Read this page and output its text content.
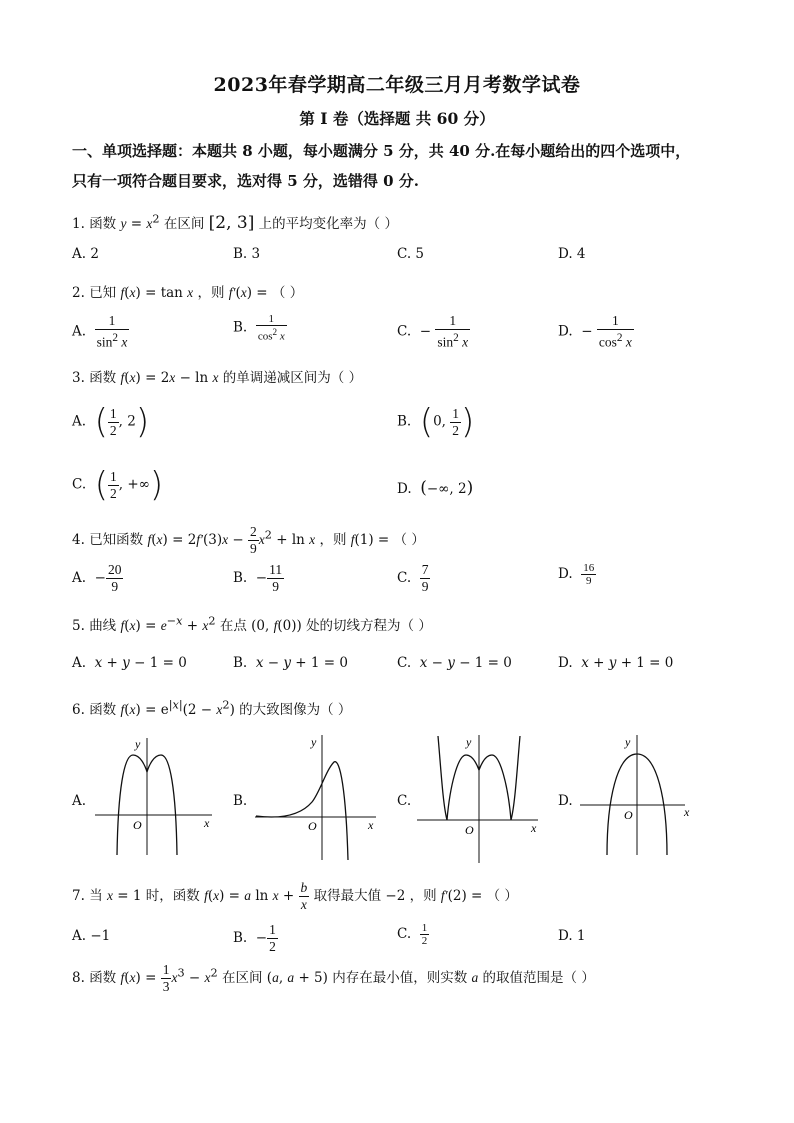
2023年春学期高二年级三月月考数学试卷
第 I 卷（选择题 共 60 分）
一、单项选择题：本题共 8 小题，每小题满分 5 分，共 40 分.在每小题给出的四个选项中，
只有一项符合题目要求，选对得 5 分，选错得 0 分.
1. 函数 $y = x^2$ 在区间 [2, 3] 上的平均变化率为（ ）
A. 2	B. 3	C. 5	D. 4
2. 已知 f(x) = tan x ，则 f′(x) = （ ）
A. $\frac{1}{\sin^2 x}$	B. $\frac{1}{\cos^2 x}$	C.  − $\frac{1}{\sin^2 x}$	D.  − $\frac{1}{\cos^2 x}$
3. 函数 f(x) = 2x − ln x 的单调递减区间为（ ）
A. ( $\frac{1}{2}$ , 2)	B. (0, $\frac{1}{2}$ )
C. ( $\frac{1}{2}$ , +∞)	D. (−∞, 2)
4. 已知函数 $f(x) = 2f'(3)x - \frac{2}{9} x^2 + \ln x$ ，则 f(1) = （ ）
A.  − $\frac{20}{9}$	B.  − $\frac{11}{9}$	C. $\frac{7}{9}$	D. $\frac{16}{9}$
5. 曲线 $f(x) = e^{-x} + x^2$ 在点 (0, f(0)) 处的切线方程为（ ）
A. x + y − 1 = 0	B. x − y + 1 = 0	C. x − y − 1 = 0	D. x + y + 1 = 0
6. 函数 $f(x) = e^{|x|}(2 - x^2)$ 的大致图像为（ ）
A.
y
x
O
B.
y
x
O
C.
y
x
O
D.
y
x
O
7. 当 x = 1 时，函数 f(x) = a $\ln x + \frac{b}{x}$ 取得最大值 −2 ，则 f′(2) = （ ）
A. −1	B.  − $\frac{1}{2}$	C. $\frac{1}{2}$	D. 1
8. 函数 $f(x) = \frac{1}{3} x^3 - x^2$ 在区间 (a, a + 5) 内存在最小值，则实数 a 的取值范围是（ ）
